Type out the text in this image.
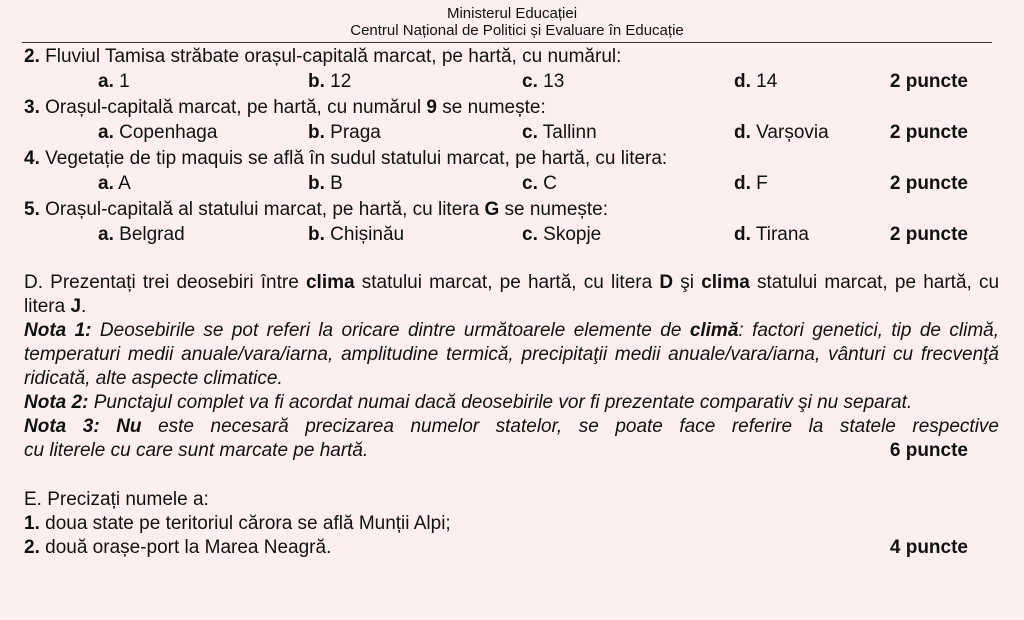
Ministerul Educației
Centrul Național de Politici și Evaluare în Educație
2. Fluviul Tamisa străbate orașul-capitală marcat, pe hartă, cu numărul:
a. 1	b. 12	c. 13	d. 14	2 puncte
3. Orașul-capitală marcat, pe hartă, cu numărul 9 se numește:
a. Copenhaga	b. Praga	c. Tallinn	d. Varșovia	2 puncte
4. Vegetație de tip maquis se află în sudul statului marcat, pe hartă, cu litera:
a. A	b. B	c. C	d. F	2 puncte
5. Orașul-capitală al statului marcat, pe hartă, cu litera G se numește:
a. Belgrad	b. Chișinău	c. Skopje	d. Tirana	2 puncte
D. Prezentați trei deosebiri între clima statului marcat, pe hartă, cu litera D şi clima statului marcat, pe hartă, cu litera J.
Nota 1: Deosebirile se pot referi la oricare dintre următoarele elemente de climă: factori genetici, tip de climă, temperaturi medii anuale/vara/iarna, amplitudine termică, precipitaţii medii anuale/vara/iarna, vânturi cu frecvenţă ridicată, alte aspecte climatice.
Nota 2: Punctajul complet va fi acordat numai dacă deosebirile vor fi prezentate comparativ şi nu separat.
Nota 3: Nu este necesară precizarea numelor statelor, se poate face referire la statele respective
cu literele cu care sunt marcate pe hartă.	6 puncte
E. Precizați numele a:
1. doua state pe teritoriul cărora se află Munții Alpi;
2. două orașe-port la Marea Neagră.	4 puncte
